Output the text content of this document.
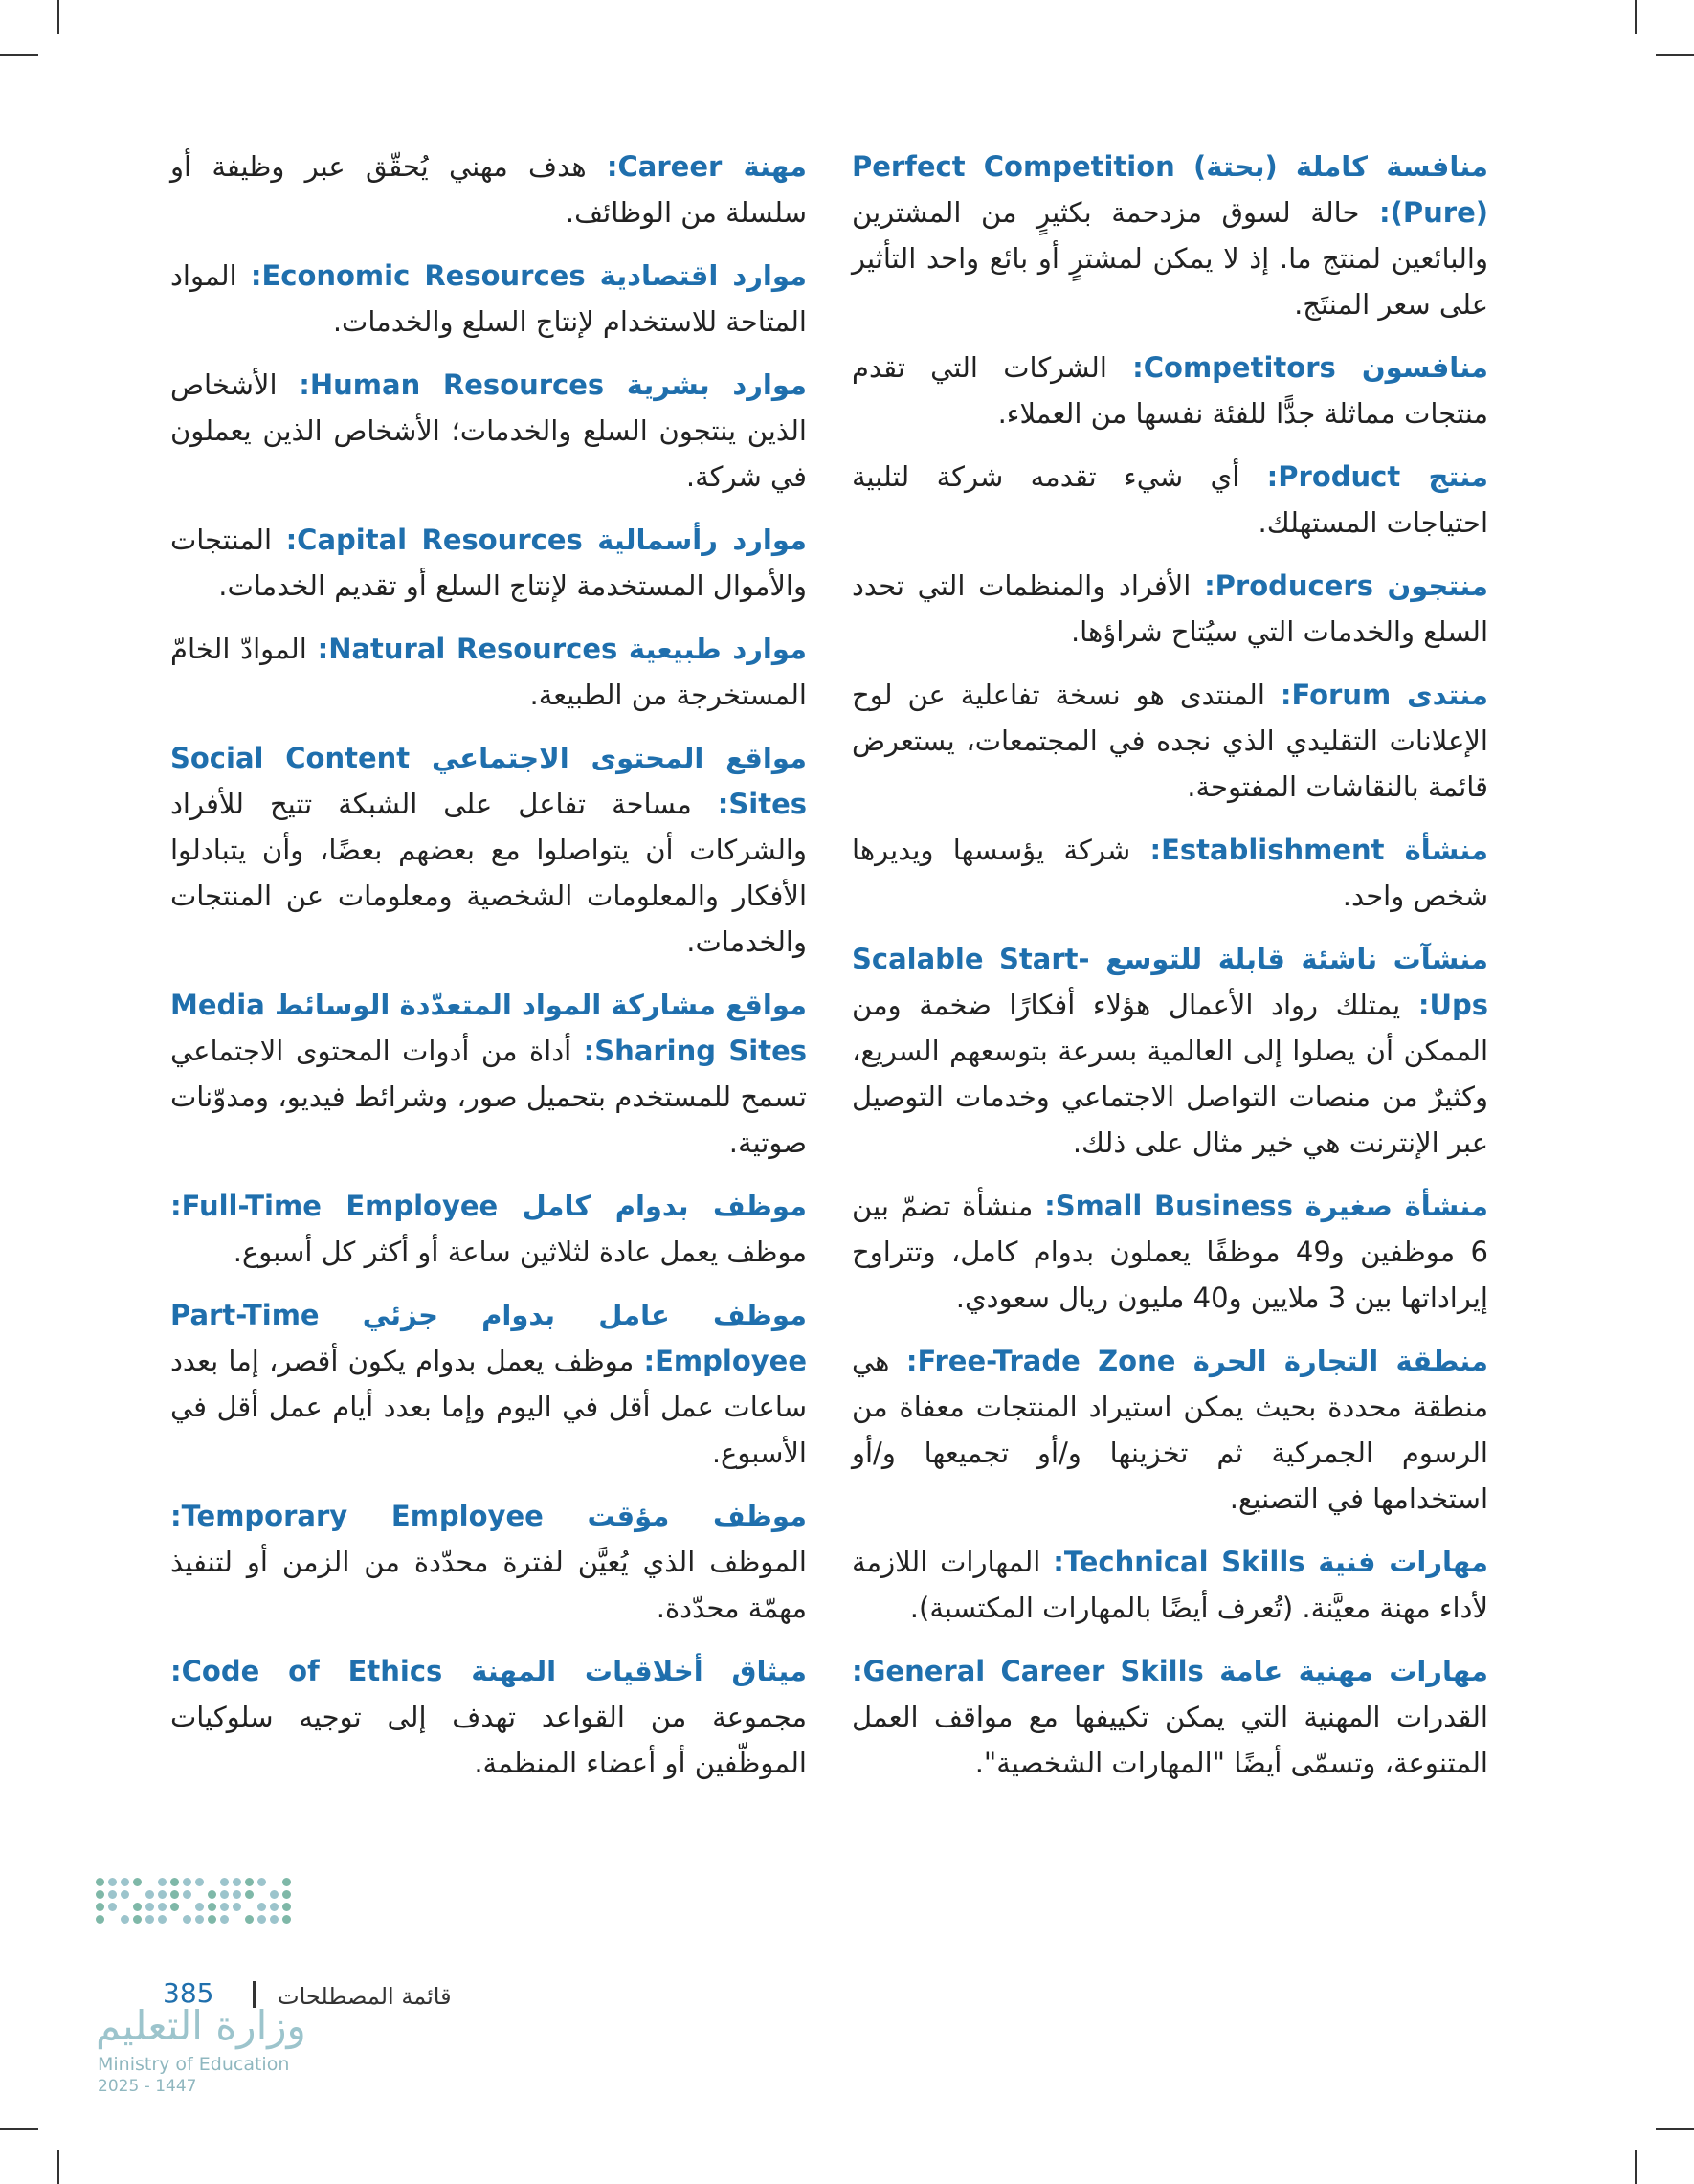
منافسة كاملة (بحتة) Perfect Competition (Pure): حالة لسوق مزدحمة بكثيرٍ من المشترين والبائعين لمنتج ما. إذ لا يمكن لمشترٍ أو بائع واحد التأثير على سعر المنتَج.

منافسون Competitors: الشركات التي تقدم منتجات مماثلة جدًّا للفئة نفسها من العملاء.

منتج Product: أي شيء تقدمه شركة لتلبية احتياجات المستهلك.

منتجون Producers: الأفراد والمنظمات التي تحدد السلع والخدمات التي سيُتاح شراؤها.

منتدى Forum: المنتدى هو نسخة تفاعلية عن لوح الإعلانات التقليدي الذي نجده في المجتمعات، يستعرض قائمة بالنقاشات المفتوحة.

منشأة Establishment: شركة يؤسسها ويديرها شخص واحد.

منشآت ناشئة قابلة للتوسع Scalable Start-Ups: يمتلك رواد الأعمال هؤلاء أفكارًا ضخمة ومن الممكن أن يصلوا إلى العالمية بسرعة بتوسعهم السريع، وكثيرٌ من منصات التواصل الاجتماعي وخدمات التوصيل عبر الإنترنت هي خير مثال على ذلك.

منشأة صغيرة Small Business: منشأة تضمّ بين 6 موظفين و49 موظفًا يعملون بدوام كامل، وتتراوح إيراداتها بين 3 ملايين و40 مليون ريال سعودي.

منطقة التجارة الحرة Free-Trade Zone: هي منطقة محددة بحيث يمكن استيراد المنتجات معفاة من الرسوم الجمركية ثم تخزينها و/أو تجميعها و/أو استخدامها في التصنيع.

مهارات فنية Technical Skills: المهارات اللازمة لأداء مهنة معيَّنة. (تُعرف أيضًا بالمهارات المكتسبة).

مهارات مهنية عامة General Career Skills: القدرات المهنية التي يمكن تكييفها مع مواقف العمل المتنوعة، وتسمّى أيضًا "المهارات الشخصية".

مهنة Career: هدف مهني يُحقّق عبر وظيفة أو سلسلة من الوظائف.

موارد اقتصادية Economic Resources: المواد المتاحة للاستخدام لإنتاج السلع والخدمات.

موارد بشرية Human Resources: الأشخاص الذين ينتجون السلع والخدمات؛ الأشخاص الذين يعملون في شركة.

موارد رأسمالية Capital Resources: المنتجات والأموال المستخدمة لإنتاج السلع أو تقديم الخدمات.

موارد طبيعية Natural Resources: الموادّ الخامّ المستخرجة من الطبيعة.

مواقع المحتوى الاجتماعي Social Content Sites: مساحة تفاعل على الشبكة تتيح للأفراد والشركات أن يتواصلوا مع بعضهم بعضًا، وأن يتبادلوا الأفكار والمعلومات الشخصية ومعلومات عن المنتجات والخدمات.

مواقع مشاركة المواد المتعدّدة الوسائط Media Sharing Sites: أداة من أدوات المحتوى الاجتماعي تسمح للمستخدم بتحميل صور، وشرائط فيديو، ومدوّنات صوتية.

موظف بدوام كامل Full-Time Employee: موظف يعمل عادة لثلاثين ساعة أو أكثر كل أسبوع.

موظف عامل بدوام جزئي Part-Time Employee: موظف يعمل بدوام يكون أقصر، إما بعدد ساعات عمل أقل في اليوم وإما بعدد أيام عمل أقل في الأسبوع.

موظف مؤقت Temporary Employee: الموظف الذي يُعيَّن لفترة محدّدة من الزمن أو لتنفيذ مهمّة محدّدة.

ميثاق أخلاقيات المهنة Code of Ethics: مجموعة من القواعد تهدف إلى توجيه سلوكيات الموظّفين أو أعضاء المنظمة.

قائمة المصطلحات
385
وزارة التعليم
Ministry of Education
2025 - 1447
